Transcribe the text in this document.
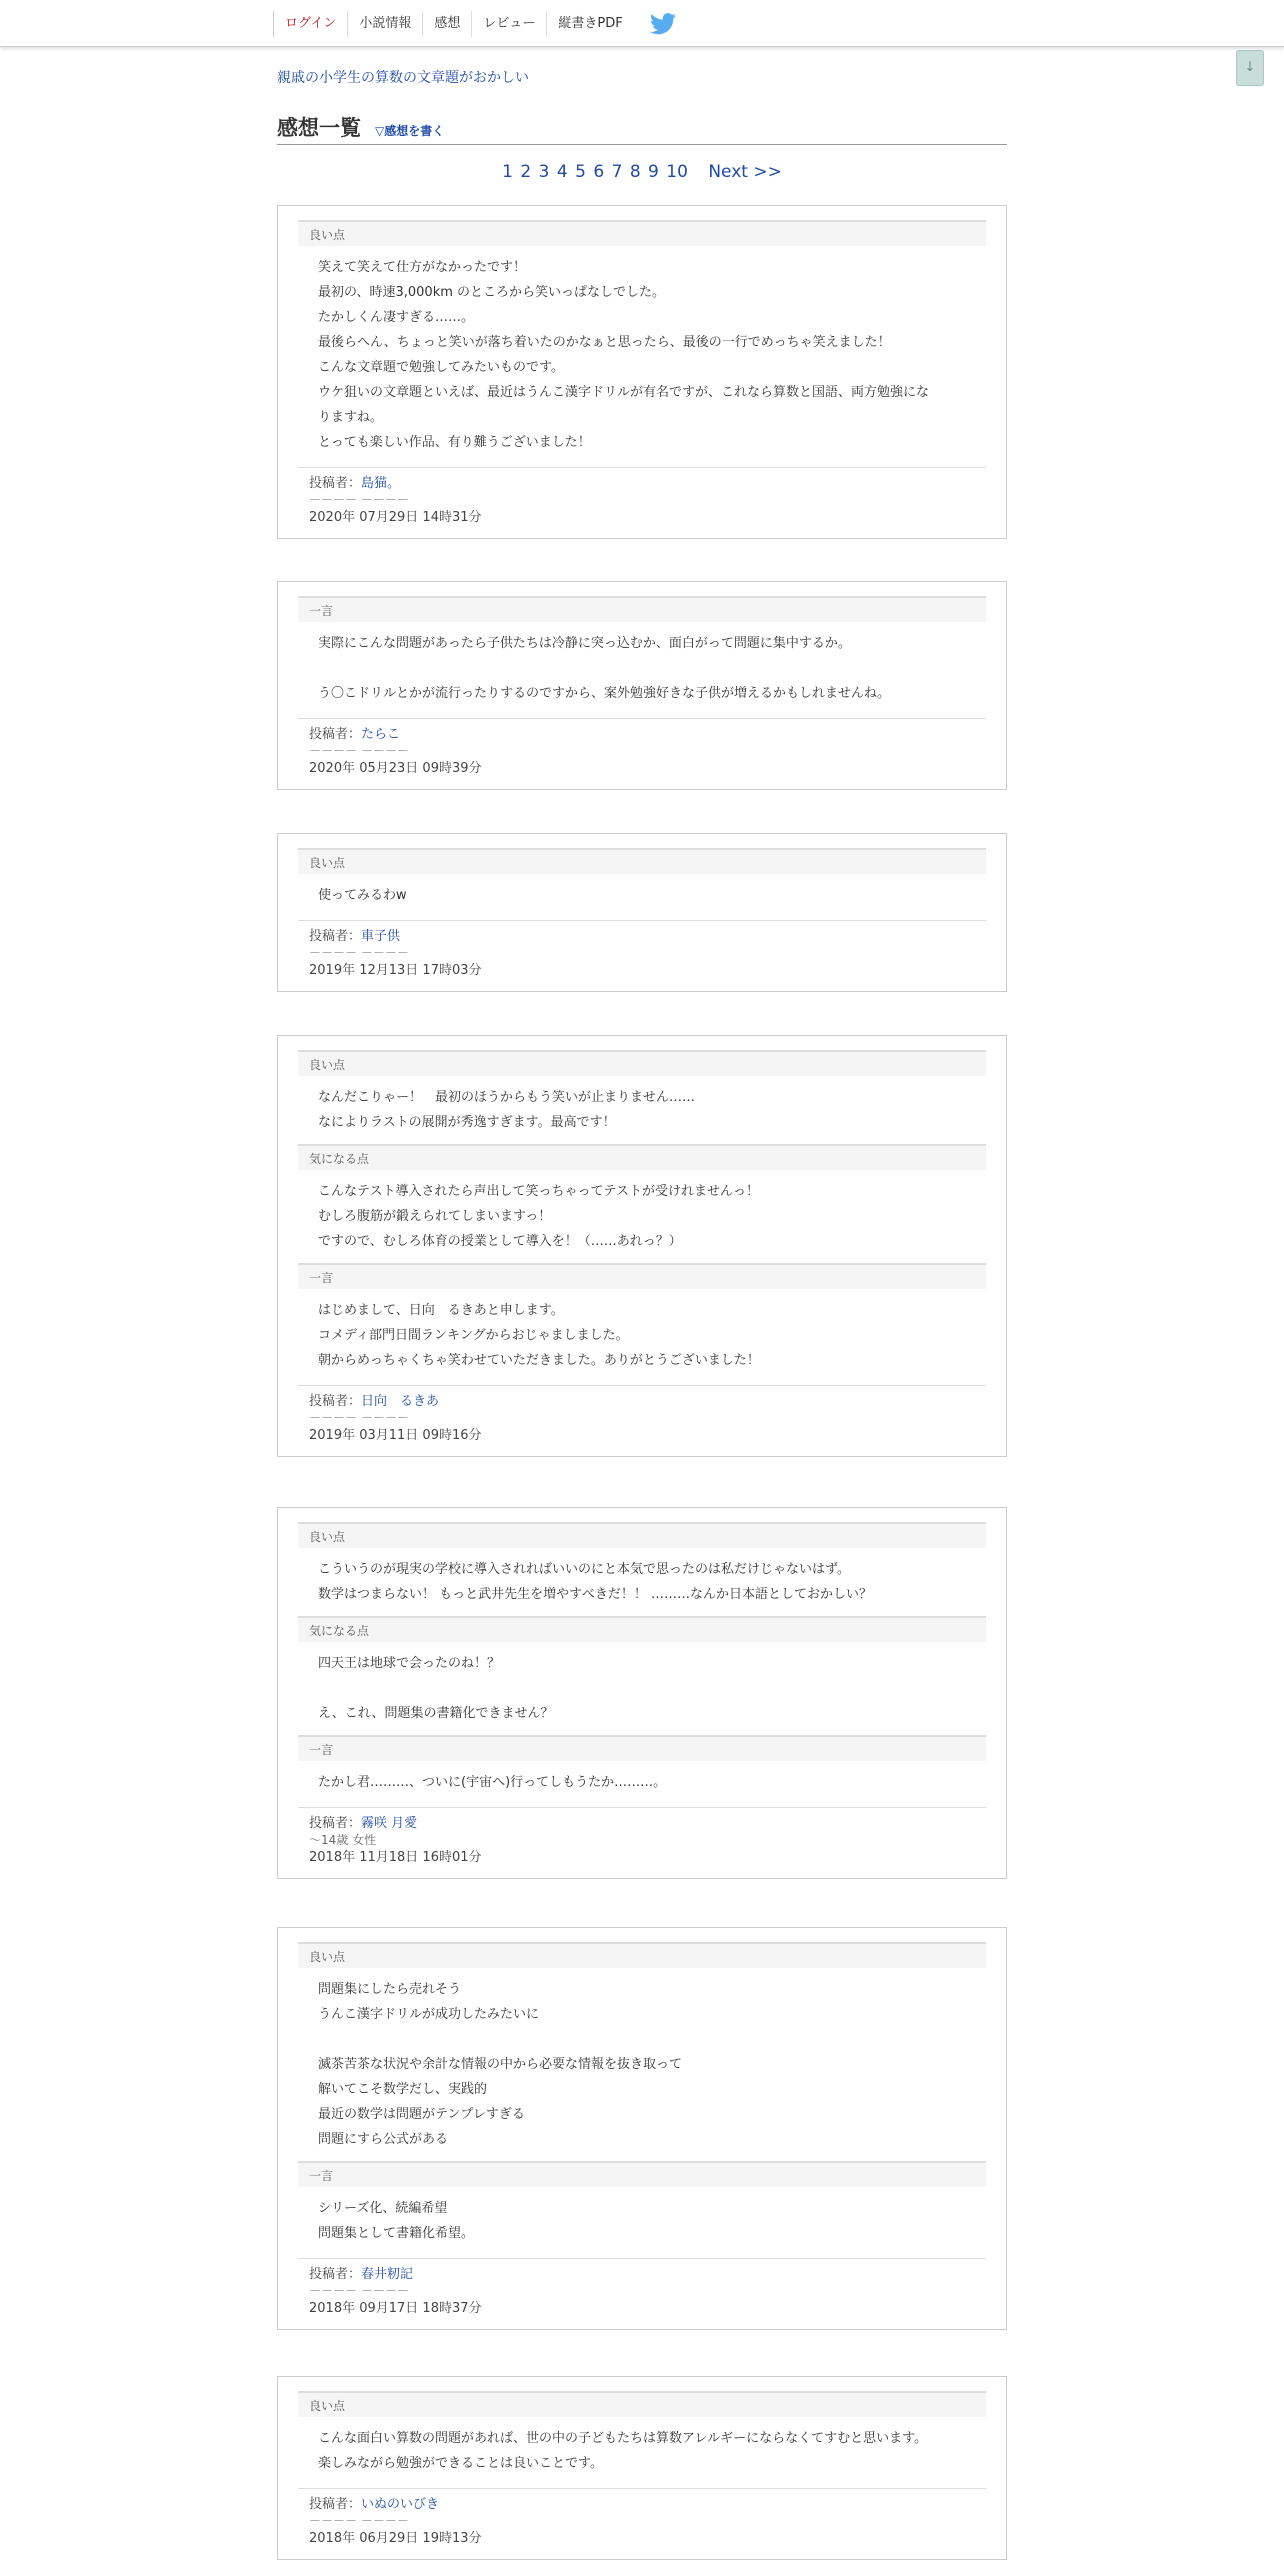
ログイン	小説情報	感想	レビュー	縦書きPDF
↓
親戚の小学生の算数の文章題がおかしい
感想一覧 ▽感想を書く
1 2 3 4 5 6 7 8 9 10 Next >>
良い点
笑えて笑えて仕方がなかったです！
最初の、時速3,000km のところから笑いっぱなしでした。
たかしくん凄すぎる……。
最後らへん、ちょっと笑いが落ち着いたのかなぁと思ったら、最後の一行でめっちゃ笑えました！
こんな文章題で勉強してみたいものです。
ウケ狙いの文章題といえば、最近はうんこ漢字ドリルが有名ですが、これなら算数と国語、両方勉強にな
りますね。
とっても楽しい作品、有り難うございました！
投稿者：島猫。
－－－－ －－－－
2020年 07月29日 14時31分
一言
実際にこんな問題があったら子供たちは冷静に突っ込むか、面白がって問題に集中するか。
う〇こドリルとかが流行ったりするのですから、案外勉強好きな子供が増えるかもしれませんね。
投稿者：たらこ
－－－－ －－－－
2020年 05月23日 09時39分
良い点
使ってみるわw
投稿者：車子供
－－－－ －－－－
2019年 12月13日 17時03分
良い点
なんだこりゃー！　最初のほうからもう笑いが止まりません……
なによりラストの展開が秀逸すぎます。最高です！
気になる点
こんなテスト導入されたら声出して笑っちゃってテストが受けれませんっ！
むしろ腹筋が鍛えられてしまいますっ！
ですので、むしろ体育の授業として導入を！（……あれっ？）
一言
はじめまして、日向　るきあと申します。
コメディ部門日間ランキングからおじゃましました。
朝からめっちゃくちゃ笑わせていただきました。ありがとうございました！
投稿者：日向　るきあ
－－－－ －－－－
2019年 03月11日 09時16分
良い点
こういうのが現実の学校に導入されればいいのにと本気で思ったのは私だけじゃないはず。
数学はつまらない！ もっと武井先生を増やすべきだ！！ ………なんか日本語としておかしい？
気になる点
四天王は地球で会ったのね！？
え、これ、問題集の書籍化できません？
一言
たかし君………、ついに(宇宙へ)行ってしもうたか………。
投稿者：霧咲 月愛
～14歳 女性
2018年 11月18日 16時01分
良い点
問題集にしたら売れそう
うんこ漢字ドリルが成功したみたいに
滅茶苦茶な状況や余計な情報の中から必要な情報を抜き取って
解いてこそ数学だし、実践的
最近の数学は問題がテンプレすぎる
問題にすら公式がある
一言
シリーズ化、続編希望
問題集として書籍化希望。
投稿者：春井籾記
－－－－ －－－－
2018年 09月17日 18時37分
良い点
こんな面白い算数の問題があれば、世の中の子どもたちは算数アレルギーにならなくてすむと思います。
楽しみながら勉強ができることは良いことです。
投稿者：いぬのいびき
－－－－ －－－－
2018年 06月29日 19時13分
